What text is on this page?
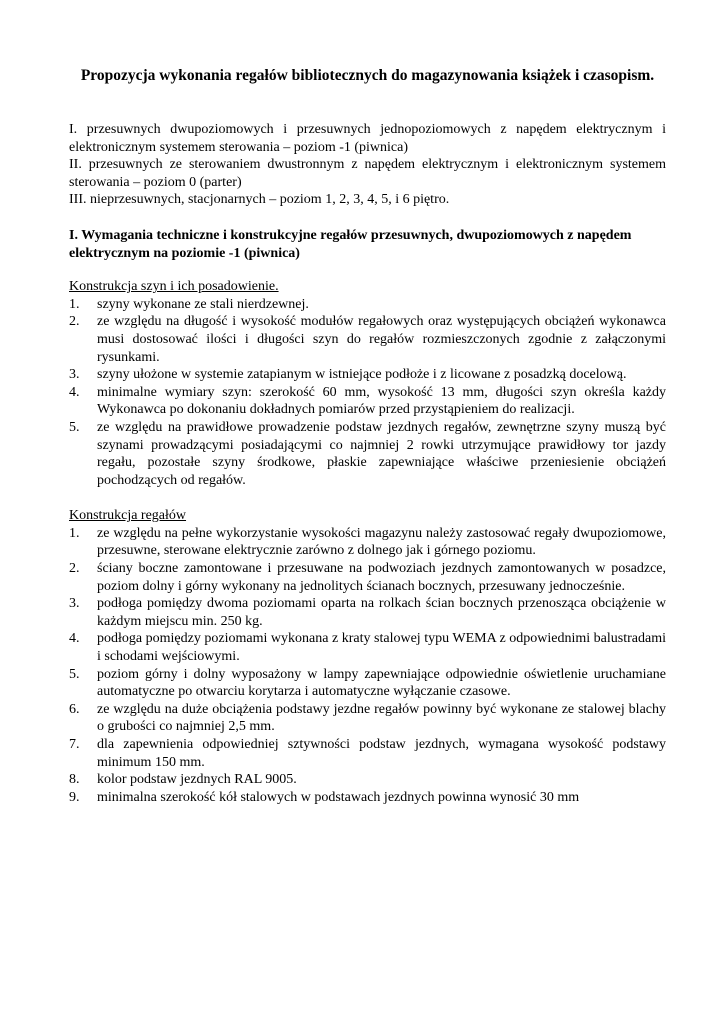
Propozycja wykonania regałów bibliotecznych do magazynowania książek i czasopism.

I. przesuwnych dwupoziomowych i przesuwnych jednopoziomowych z napędem elektrycznym i elektronicznym systemem sterowania – poziom -1 (piwnica)

II. przesuwnych ze sterowaniem dwustronnym z napędem elektrycznym i elektronicznym systemem sterowania – poziom 0 (parter)

III. nieprzesuwnych, stacjonarnych – poziom 1, 2, 3, 4, 5, i 6 piętro.

I. Wymagania techniczne i konstrukcyjne regałów przesuwnych, dwupoziomowych z napędem elektrycznym na poziomie -1 (piwnica)

Konstrukcja szyn i ich posadowienie.

1. szyny wykonane ze stali nierdzewnej.
2. ze względu na długość i wysokość modułów regałowych oraz występujących obciążeń wykonawca musi dostosować ilości i długości szyn do regałów rozmieszczonych zgodnie z załączonymi rysunkami.
3. szyny ułożone w systemie zatapianym w istniejące podłoże i z licowane z posadzką docelową.
4. minimalne wymiary szyn: szerokość 60 mm, wysokość 13 mm, długości szyn określa każdy Wykonawca po dokonaniu dokładnych pomiarów przed przystąpieniem do realizacji.
5. ze względu na prawidłowe prowadzenie podstaw jezdnych regałów, zewnętrzne szyny muszą być szynami prowadzącymi posiadającymi co najmniej 2 rowki utrzymujące prawidłowy tor jazdy regału, pozostałe szyny środkowe, płaskie zapewniające właściwe przeniesienie obciążeń pochodzących od regałów.

Konstrukcja regałów

1. ze względu na pełne wykorzystanie wysokości magazynu należy zastosować regały dwupoziomowe, przesuwne, sterowane elektrycznie zarówno z dolnego jak i górnego poziomu.
2. ściany boczne zamontowane i przesuwane na podwoziach jezdnych zamontowanych w posadzce, poziom dolny i górny wykonany na jednolitych ścianach bocznych, przesuwany jednocześnie.
3. podłoga pomiędzy dwoma poziomami oparta na rolkach ścian bocznych przenosząca obciążenie w każdym miejscu min. 250 kg.
4. podłoga pomiędzy poziomami wykonana z kraty stalowej typu WEMA z odpowiednimi balustradami i schodami wejściowymi.
5. poziom górny i dolny wyposażony w lampy zapewniające odpowiednie oświetlenie uruchamiane automatyczne po otwarciu korytarza i automatyczne wyłączanie czasowe.
6. ze względu na duże obciążenia podstawy jezdne regałów powinny być wykonane ze stalowej blachy o grubości co najmniej 2,5 mm.
7. dla zapewnienia odpowiedniej sztywności podstaw jezdnych, wymagana wysokość podstawy minimum 150 mm.
8. kolor podstaw jezdnych RAL 9005.
9. minimalna szerokość kół stalowych w podstawach jezdnych powinna wynosić 30 mm
